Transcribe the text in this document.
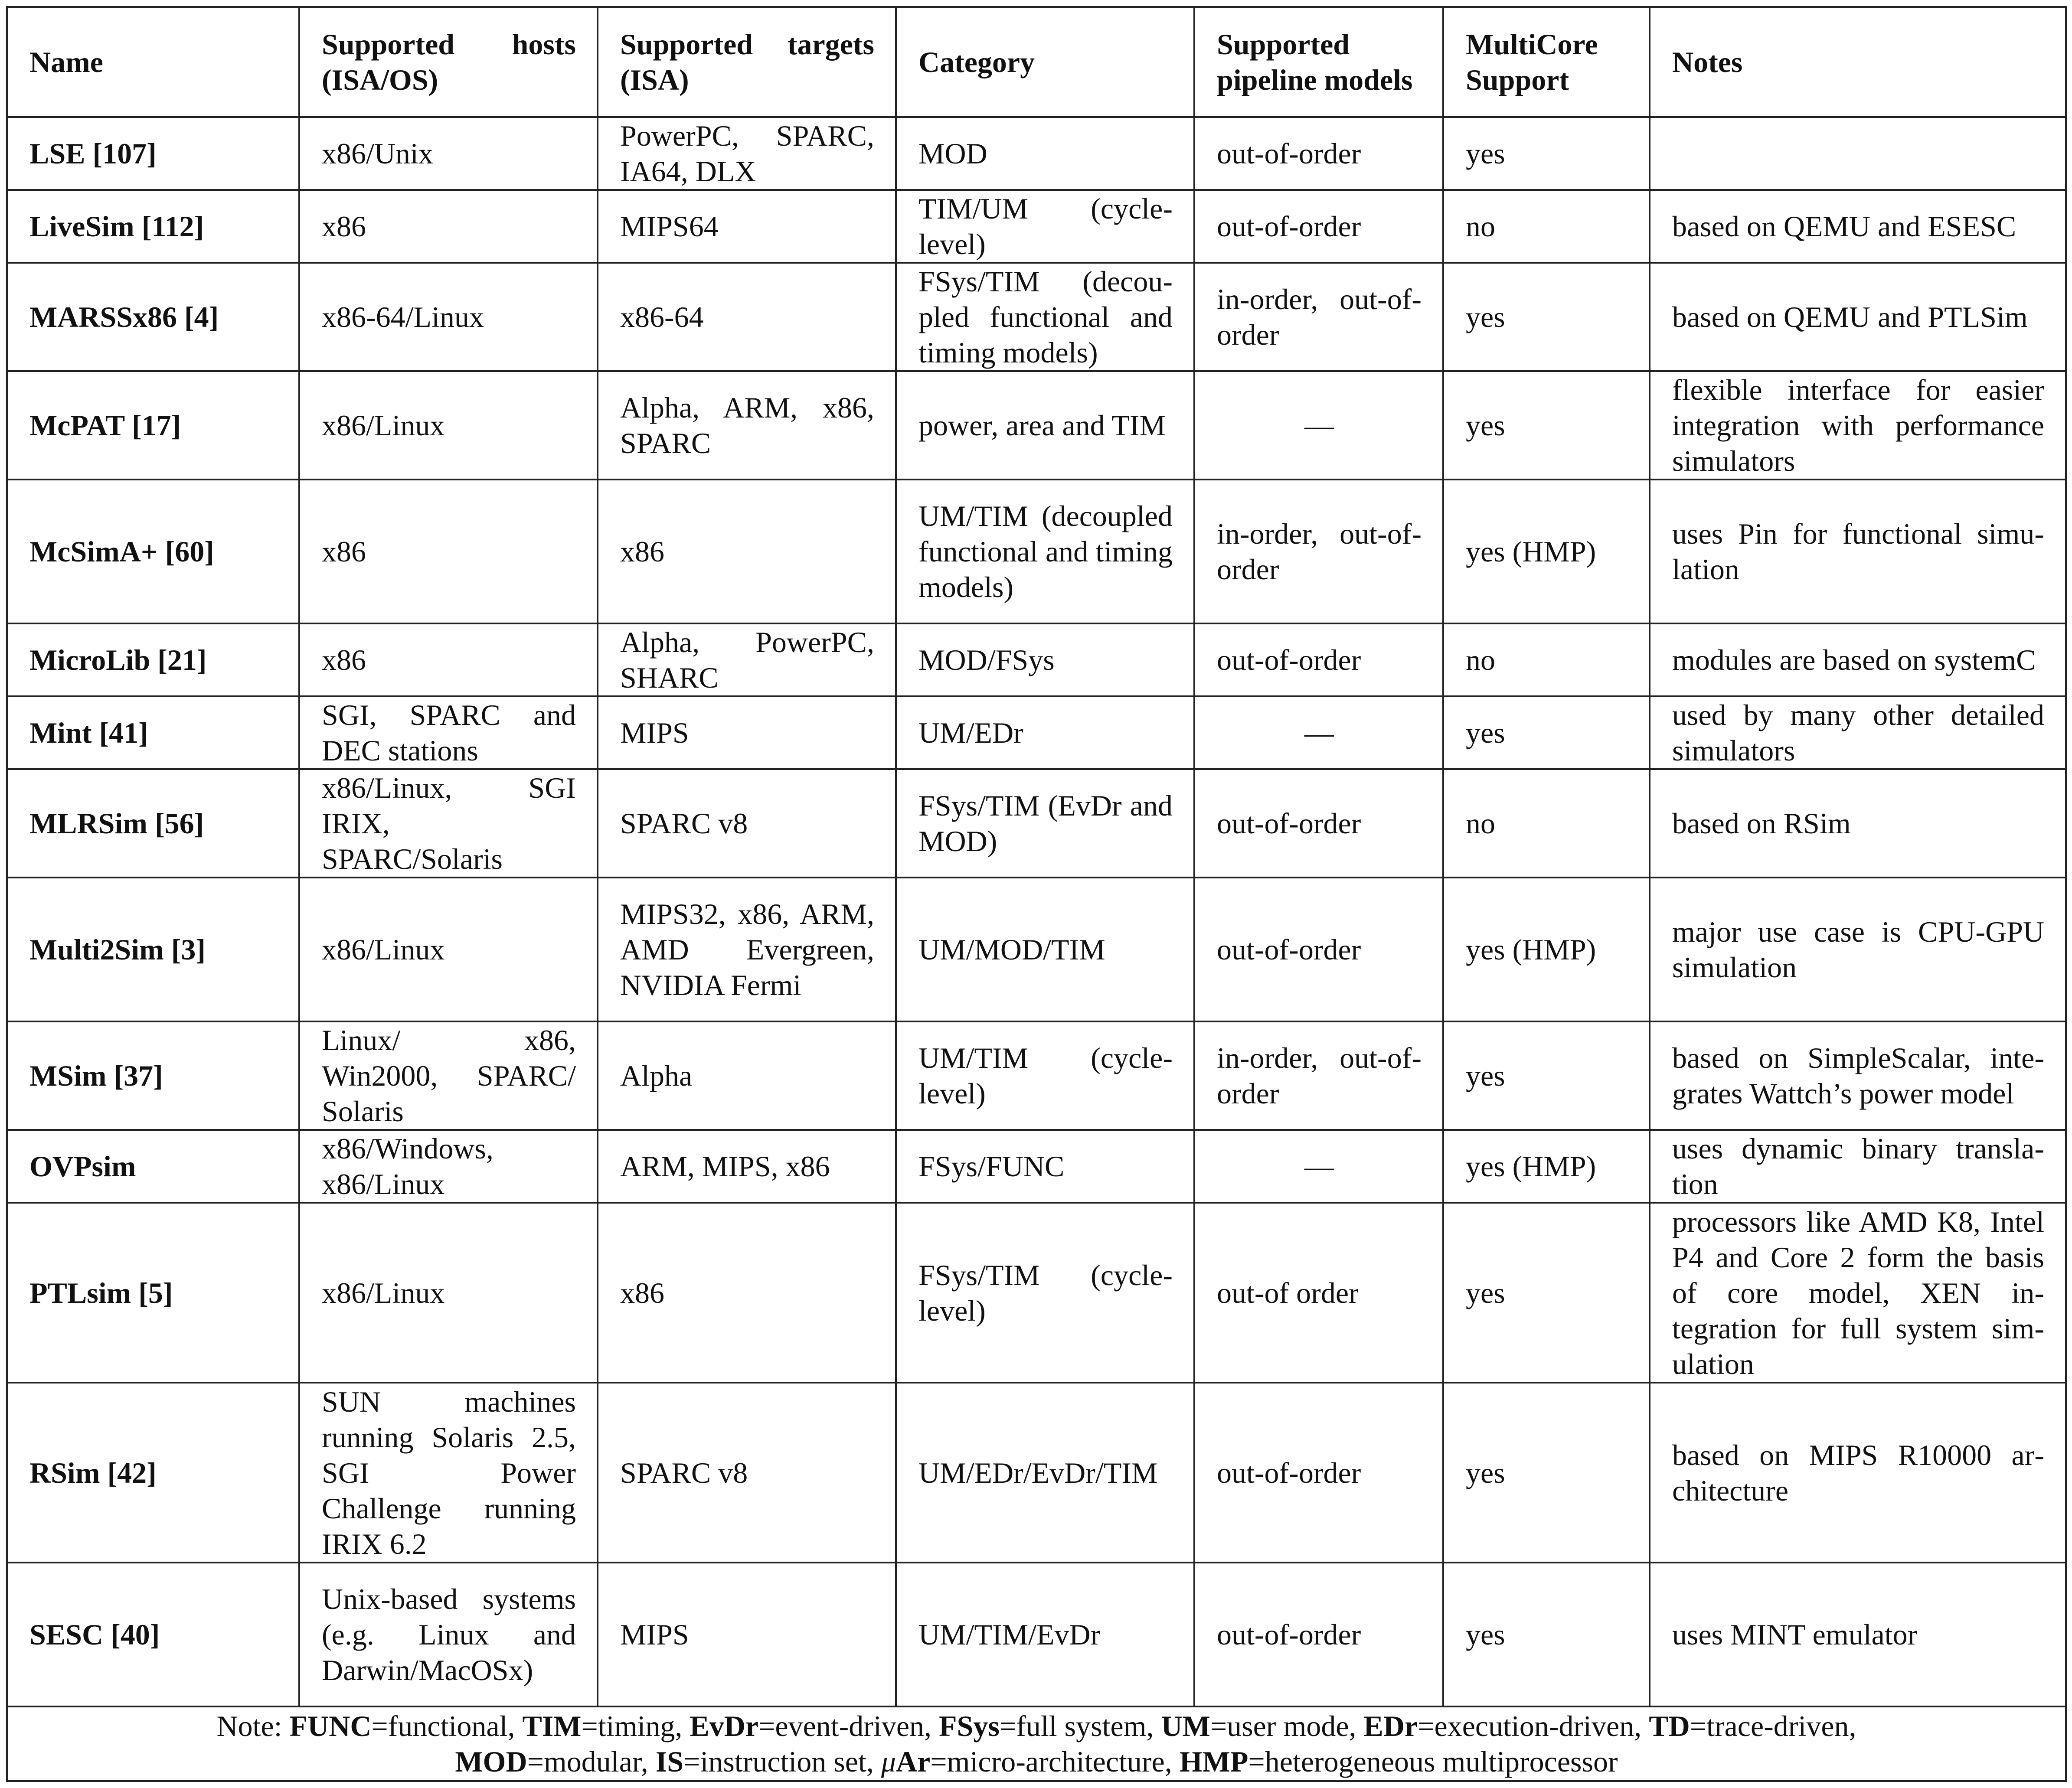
Name	Supported hosts (ISA/OS)	Supported targets (ISA)	Category	Supported pipeline models	MultiCore Support	Notes
LSE [107]	x86/Unix	PowerPC, SPARC, IA64, DLX	MOD	out-of-order	yes	
LiveSim [112]	x86	MIPS64	TIM/UM (cycle-level)	out-of-order	no	based on QEMU and ESESC
MARSSx86 [4]	x86-64/Linux	x86-64	FSys/TIM (decoupled functional and timing models)	in-order, out-of-order	yes	based on QEMU and PTLSim
McPAT [17]	x86/Linux	Alpha, ARM, x86, SPARC	power, area and TIM	—	yes	flexible interface for easier integration with performance simulators
McSimA+ [60]	x86	x86	UM/TIM (decoupled functional and timing models)	in-order, out-of-order	yes (HMP)	uses Pin for functional simulation
MicroLib [21]	x86	Alpha, PowerPC, SHARC	MOD/FSys	out-of-order	no	modules are based on systemC
Mint [41]	SGI, SPARC and DEC stations	MIPS	UM/EDr	—	yes	used by many other detailed simulators
MLRSim [56]	x86/Linux, SGI IRIX, SPARC/Solaris	SPARC v8	FSys/TIM (EvDr and MOD)	out-of-order	no	based on RSim
Multi2Sim [3]	x86/Linux	MIPS32, x86, ARM, AMD Evergreen, NVIDIA Fermi	UM/MOD/TIM	out-of-order	yes (HMP)	major use case is CPU-GPU simulation
MSim [37]	Linux/ x86, Win2000, SPARC/ Solaris	Alpha	UM/TIM (cycle-level)	in-order, out-of-order	yes	based on SimpleScalar, integrates Wattch’s power model
OVPsim	x86/Windows, x86/Linux	ARM, MIPS, x86	FSys/FUNC	—	yes (HMP)	uses dynamic binary translation
PTLsim [5]	x86/Linux	x86	FSys/TIM (cycle-level)	out-of order	yes	processors like AMD K8, Intel P4 and Core 2 form the basis of core model, XEN integration for full system simulation
RSim [42]	SUN machines running Solaris 2.5, SGI Power Challenge running IRIX 6.2	SPARC v8	UM/EDr/EvDr/TIM	out-of-order	yes	based on MIPS R10000 architecture
SESC [40]	Unix-based systems (e.g. Linux and Darwin/MacOSx)	MIPS	UM/TIM/EvDr	out-of-order	yes	uses MINT emulator

Note: FUNC=functional, TIM=timing, EvDr=event-driven, FSys=full system, UM=user mode, EDr=execution-driven, TD=trace-driven,
MOD=modular, IS=instruction set, μAr=micro-architecture, HMP=heterogeneous multiprocessor						
